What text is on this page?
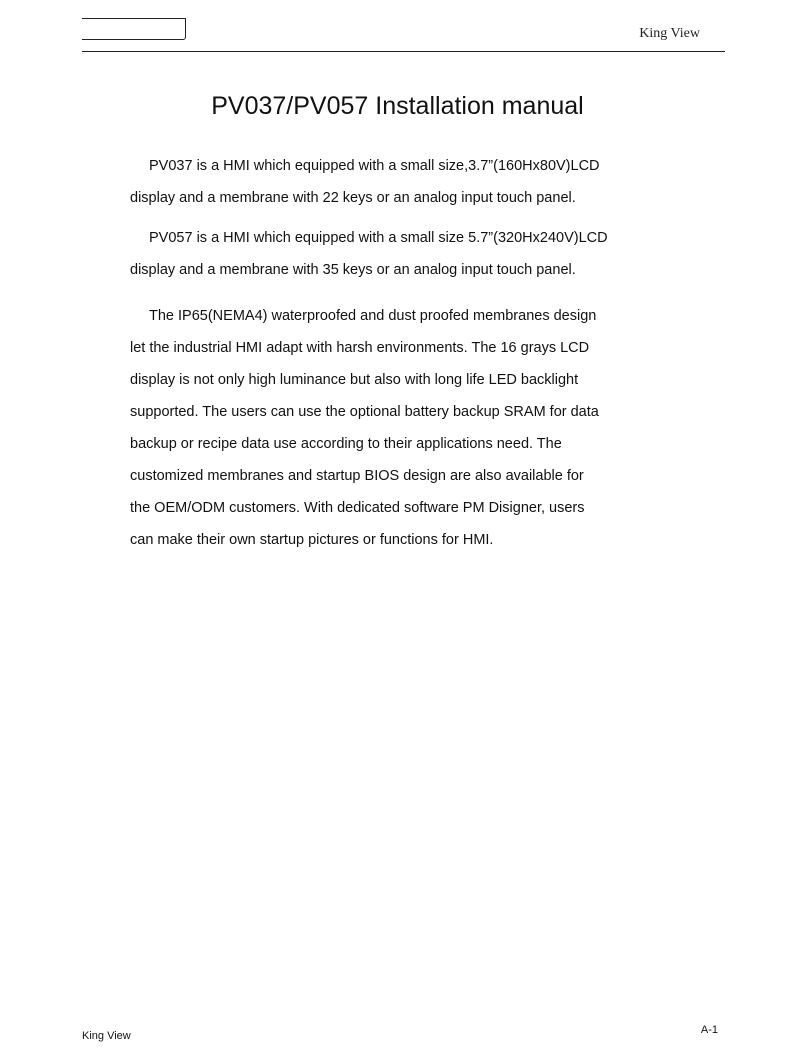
King View
PV037/PV057 Installation manual

PV037 is a HMI which equipped with a small size,3.7”(160Hx80V)LCD
display and a membrane with 22 keys or an analog input touch panel.

PV057 is a HMI which equipped with a small size 5.7”(320Hx240V)LCD
display and a membrane with 35 keys or an analog input touch panel.

The IP65(NEMA4) waterproofed and dust proofed membranes design
let the industrial HMI adapt with harsh environments. The 16 grays LCD
display is not only high luminance but also with long life LED backlight
supported. The users can use the optional battery backup SRAM for data
backup or recipe data use according to their applications need. The
customized membranes and startup BIOS design are also available for
the OEM/ODM customers. With dedicated software PM Disigner, users
can make their own startup pictures or functions for HMI.

King View	A-1
